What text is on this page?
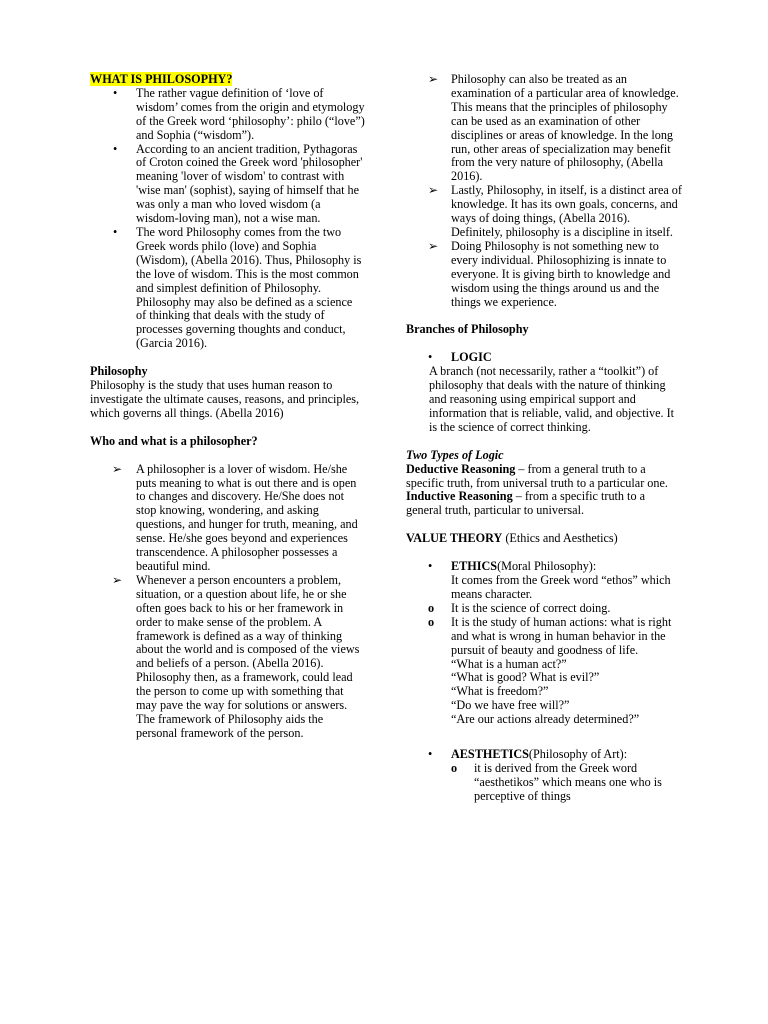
WHAT IS PHILOSOPHY?

• The rather vague definition of ‘love of wisdom’ comes from the origin and etymology of the Greek word ‘philosophy’: philo (“love”) and Sophia (“wisdom”).
• According to an ancient tradition, Pythagoras of Croton coined the Greek word 'philosopher' meaning 'lover of wisdom' to contrast with 'wise man' (sophist), saying of himself that he was only a man who loved wisdom (a wisdom-loving man), not a wise man.
• The word Philosophy comes from the two Greek words philo (love) and Sophia (Wisdom), (Abella 2016). Thus, Philosophy is the love of wisdom. This is the most common and simplest definition of Philosophy. Philosophy may also be defined as a science of thinking that deals with the study of processes governing thoughts and conduct, (Garcia 2016).

Philosophy

Philosophy is the study that uses human reason to investigate the ultimate causes, reasons, and principles, which governs all things. (Abella 2016)

Who and what is a philosopher?

➢ A philosopher is a lover of wisdom. He/she puts meaning to what is out there and is open to changes and discovery. He/She does not stop knowing, wondering, and asking questions, and hunger for truth, meaning, and sense. He/she goes beyond and experiences transcendence. A philosopher possesses a beautiful mind.
➢ Whenever a person encounters a problem, situation, or a question about life, he or she often goes back to his or her framework in order to make sense of the problem. A framework is defined as a way of thinking about the world and is composed of the views and beliefs of a person. (Abella 2016). Philosophy then, as a framework, could lead the person to come up with something that may pave the way for solutions or answers. The framework of Philosophy aids the personal framework of the person.
➢ Philosophy can also be treated as an examination of a particular area of knowledge. This means that the principles of philosophy can be used as an examination of other disciplines or areas of knowledge. In the long run, other areas of specialization may benefit from the very nature of philosophy, (Abella 2016).
➢ Lastly, Philosophy, in itself, is a distinct area of knowledge. It has its own goals, concerns, and ways of doing things, (Abella 2016). Definitely, philosophy is a discipline in itself.
➢ Doing Philosophy is not something new to every individual. Philosophizing is innate to everyone. It is giving birth to knowledge and wisdom using the things around us and the things we experience.

Branches of Philosophy

• LOGIC

A branch (not necessarily, rather a “toolkit”) of philosophy that deals with the nature of thinking and reasoning using empirical support and information that is reliable, valid, and objective. It is the science of correct thinking.

Two Types of Logic

Deductive Reasoning – from a general truth to a specific truth, from universal truth to a particular one.

Inductive Reasoning – from a specific truth to a general truth, particular to universal.

VALUE THEORY (Ethics and Aesthetics)

• ETHICS(Moral Philosophy):

It comes from the Greek word “ethos” which means character.

o It is the science of correct doing.

o It is the study of human actions: what is right and what is wrong in human behavior in the pursuit of beauty and goodness of life.

“What is a human act?”

“What is good? What is evil?”

“What is freedom?”

“Do we have free will?”

“Are our actions already determined?”

• AESTHETICS(Philosophy of Art):

o it is derived from the Greek word “aesthetikos” which means one who is perceptive of things
